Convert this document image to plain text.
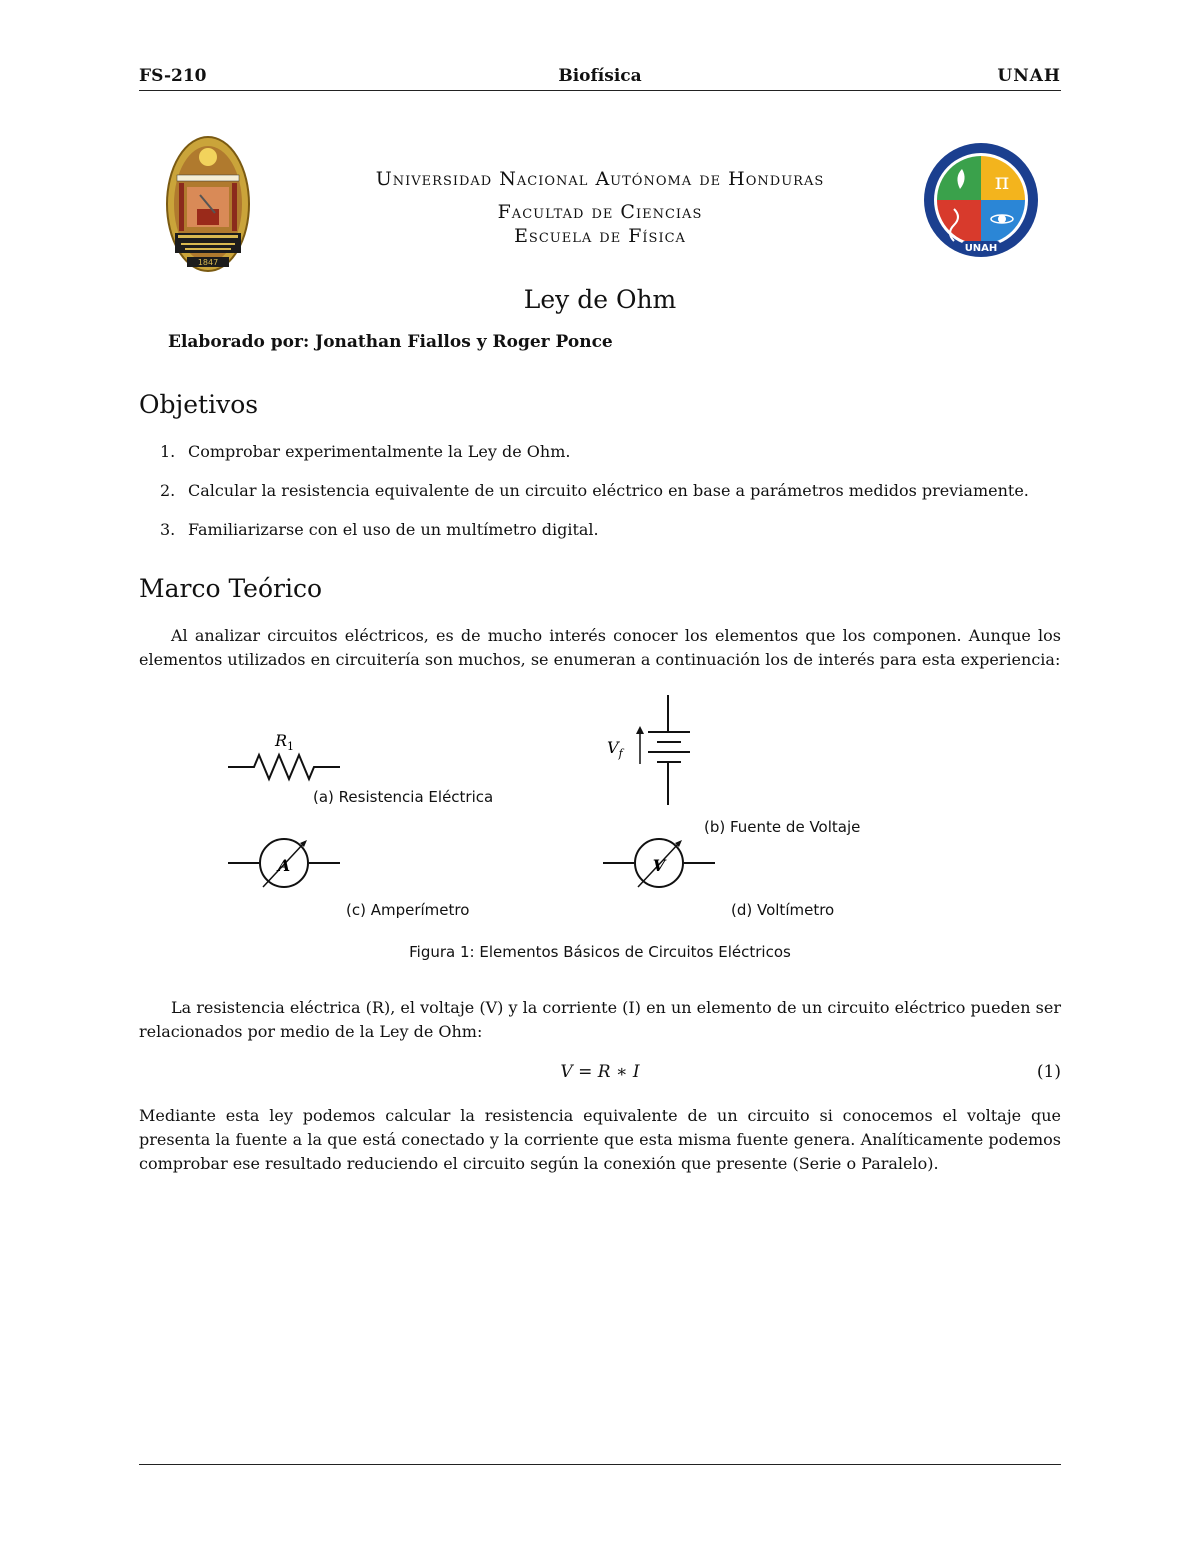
FS-210	Biofísica	UNAH
1847
Universidad Nacional Autónoma de Honduras
Facultad de Ciencias
Escuela de Física
π
UNAH
Ley de Ohm
Elaborado por: Jonathan Fiallos y Roger Ponce
Objetivos
1. Comprobar experimentalmente la Ley de Ohm.
2. Calcular la resistencia equivalente de un circuito eléctrico en base a parámetros medidos previamente.
3. Familiarizarse con el uso de un multímetro digital.
Marco Teórico
Al analizar circuitos eléctricos, es de mucho interés conocer los elementos que los componen. Aunque los elementos utilizados en circuitería son muchos, se enumeran a continuación los de interés para esta experiencia:
$R_1$	$V_f$
A	V
(a) Resistencia Eléctrica
(b) Fuente de Voltaje
(c) Amperímetro	(d) Voltímetro
Figura 1: Elementos Básicos de Circuitos Eléctricos
La resistencia eléctrica (R), el voltaje (V) y la corriente (I) en un elemento de un circuito eléctrico pueden ser relacionados por medio de la Ley de Ohm:
V = R ∗ I	(1)
Mediante esta ley podemos calcular la resistencia equivalente de un circuito si conocemos el voltaje que presenta la fuente a la que está conectado y la corriente que esta misma fuente genera. Analíticamente podemos comprobar ese resultado reduciendo el circuito según la conexión que presente (Serie o Paralelo).
